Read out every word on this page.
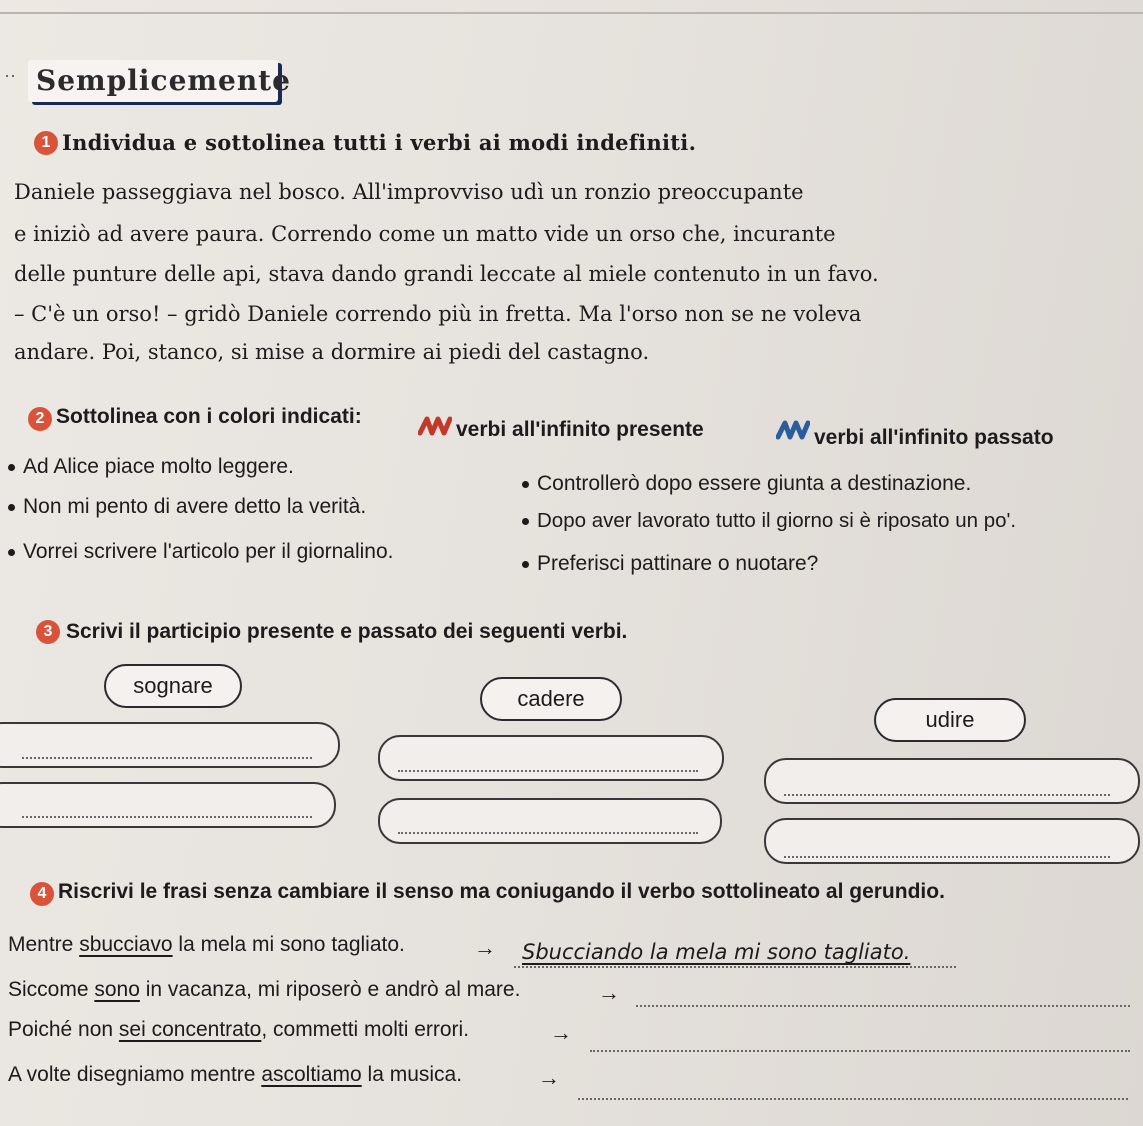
·· Semplicemente
1 Individua e sottolinea tutti i verbi ai modi indefiniti.
Daniele passeggiava nel bosco. All'improvviso udì un ronzio preoccupante
e iniziò ad avere paura. Correndo come un matto vide un orso che, incurante
delle punture delle api, stava dando grandi leccate al miele contenuto in un favo.
– C'è un orso! – gridò Daniele correndo più in fretta. Ma l'orso non se ne voleva
andare. Poi, stanco, si mise a dormire ai piedi del castagno.
2 Sottolinea con i colori indicati:
verbi all'infinito presente	verbi all'infinito passato
Ad Alice piace molto leggere.
Non mi pento di avere detto la verità.
Vorrei scrivere l'articolo per il giornalino.
Controllerò dopo essere giunta a destinazione.
Dopo aver lavorato tutto il giorno si è riposato un po'.
Preferisci pattinare o nuotare?
3 Scrivi il participio presente e passato dei seguenti verbi.
sognare
cadere
udire
4 Riscrivi le frasi senza cambiare il senso ma coniugando il verbo sottolineato al gerundio.
Mentre sbucciavo la mela mi sono tagliato.	→ Sbucciando la mela mi sono tagliato.
Siccome sono in vacanza, mi riposerò e andrò al mare.	→
Poiché non sei concentrato, commetti molti errori.	→
A volte disegniamo mentre ascoltiamo la musica.	→
